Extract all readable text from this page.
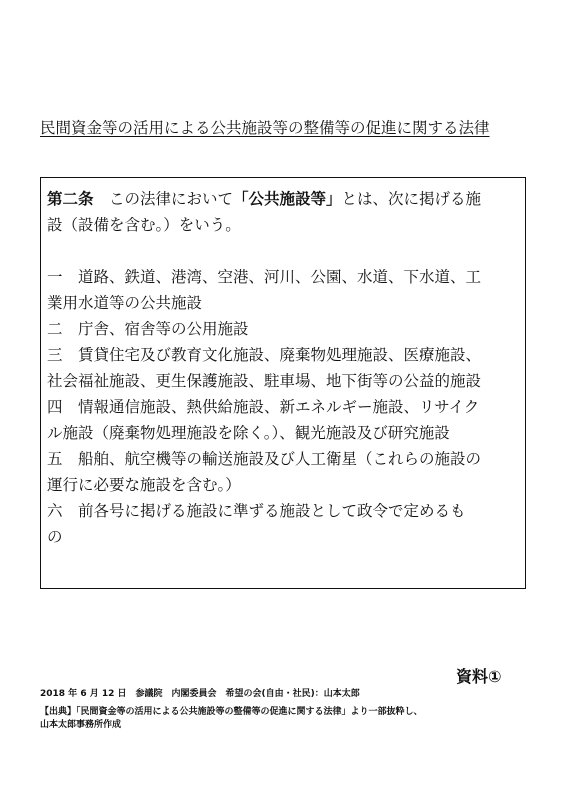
民間資金等の活用による公共施設等の整備等の促進に関する法律
第二条　この法律において「公共施設等」とは、次に掲げる施
設（設備を含む。）をいう。
一　道路、鉄道、港湾、空港、河川、公園、水道、下水道、工
業用水道等の公共施設
二　庁舎、宿舎等の公用施設
三　賃貸住宅及び教育文化施設、廃棄物処理施設、医療施設、
社会福祉施設、更生保護施設、駐車場、地下街等の公益的施設
四　情報通信施設、熱供給施設、新エネルギー施設、リサイク
ル施設（廃棄物処理施設を除く。）、観光施設及び研究施設
五　船舶、航空機等の輸送施設及び人工衛星（これらの施設の
運行に必要な施設を含む。）
六　前各号に掲げる施設に準ずる施設として政令で定めるも
の
資料①
2018 年 6 月 12 日　参議院　内閣委員会　希望の会(自由・社民)：山本太郎
【出典】「民間資金等の活用による公共施設等の整備等の促進に関する法律」より一部抜粋し、
山本太郎事務所作成
